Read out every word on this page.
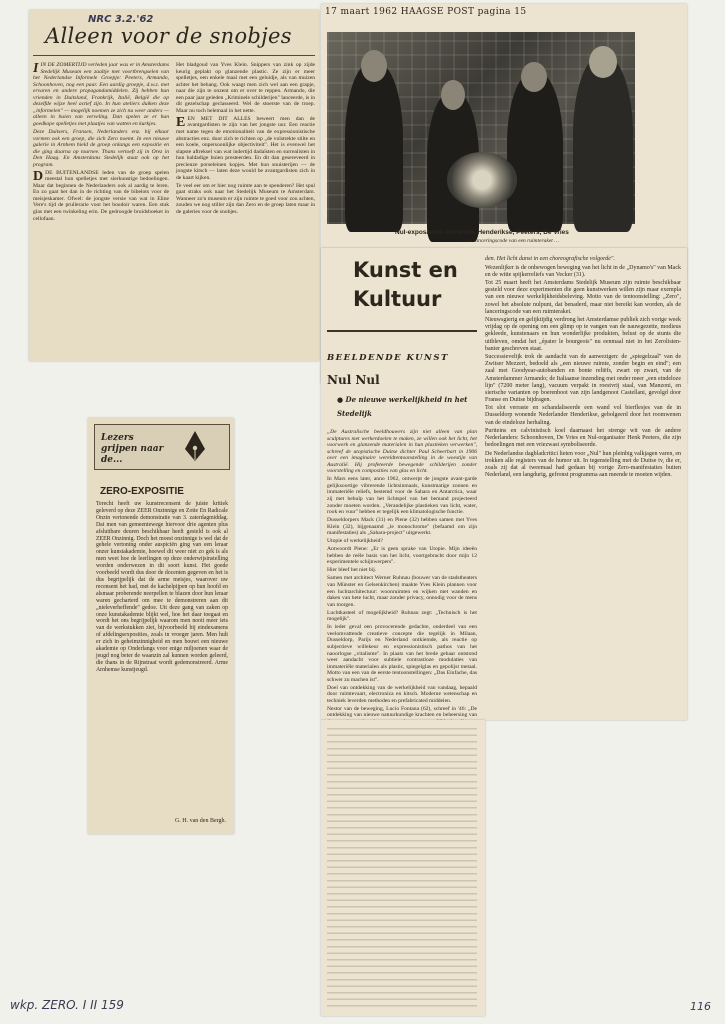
NRC 3.2.'62
Alleen voor de snobjes

IIN DE ZOMERTIJD verleden jaar was er in Amsterdams Stedelijk Museum een zaaltje met voortbrengselen van het Nederlandse Informele Groepje: Peeters, Armando, Schoonhoven, nog een paar. Een aardig groepje, d.w.z. met ervaren en andere propagandamiddelen. Zij hebben hun vrienden in Duitsland, Frankrijk, Italië, België die op dezelfde wijze heel actief zijn. In hun ateliers duiken deze „informelen" — mogelijk noemen ze zich nu weer anders — alleen in buien van verveling. Dan spelen ze er hun goedkope spelletjes met plaatjes van watten en kurkjes.

Deze Duitsers, Fransen, Nederlanders enz. bij elkaar vormen ook een groep, die zich Zero noemt. In een nieuwe galerie in Arnhem hield de groep onlangs een expositie en die ging daarna op tournee. Thans vertoeft zij in Orez in Den Haag. En Amsterdams Stedelijk staat ook op het program.

DDE BUITENLANDSE leden van de groep spelen meestal hun spelletjes met sierkunstige bedoelingen. Maar dat beginnen de Nederlanders ook al aardig te leren. En zo gaat het dan in de richting van de bibelots voor de meisjeskamer. Ofwel: de jongste versie van wat in Eline Vere's tijd de prullerarie voor het boudoir waren. Een stuk glas met een twinkeling erin. De gedroogde bruidsboeket in cellofaan.

Het bladgoud van Yves Klein. Snippers van zink op zijde keurig geplakt op glanzende plastic. Ze zijn er meer spelletjes, een enkele maal met een geluidje, als van muizen achter het behang. Ook waagt men zich wel aan een grapje, naar die zijn te onzent om er over te reppen. Armando, die een paar jaar geleden „Kriminele schilderijen" lanceerde, is in dit gezelschap geclasseerd. Wel de stoerste van de troep. Maar nu toch helemaal in het nette.

EEN MET DIT ALLES beweert men dan de avantgardisten te zijn van het jongste uur. Een reactie met name tegen de emotionaliteit van de expressionistische abstracties enz. door zich te richten op „de volstrekte stilte en een koele, onpersoonlijke objectiviteit". Het is evenwel het slapste aftreksel van wat indertijd dadaïsten en surrealisten in hun baldadige buien presteerden. En dit dan gesereveerd in precieuze porseleinen kopjes. Met hun snuisterijen — de jongste kitsch — laten deze would be avantgardisten zich in de kaart kijken.

Te veel eer om er hier nog ruimte aan te spenderen? Het spul gaat straks ook naar het Stedelijk Museum te Amsterdam. Wanneer zo'n museum er zijn ruimte te goed voor zou achten, zouden we nog stiller zijn dan Zero en de groep laten maar in de galeries voor de snobjes.

17 maart 1962 HAAGSE POST pagina 15
Nul-exposanten Armando, Henderikse, Peeters, De Vries
… de lanceringscode van een ruimteraket …
Kunst en Kultuur
BEELDENDE KUNST
Nul Nul
● De nieuwe werkelijkheid in het Stedelijk

„De Australische beeldhouwers zijn niet alleen van plan sculptures met werkerdoelen te maken, ze willen ook het licht, het voorwerk en glanzende materialen in hun plastieken verwerken", schreef de utopistische Duitse dichter Paul Scheerbart in 1906 over een imaginaire wereldtentoonstelling in de woestijn van Australië. Hij profeteerde bewegende schilderijen zonder voorstelling en composities van glas en licht.

In Mars eens later, anno 1962, ontwerpt de jongste avant-garde gelijksoortige vibrerende lichtsinmaals, kunstmatige zonnen en immateriële reliefs, bestemd voor de Sahara en Antarctica, waar zij met behulp van het lichtspel van het bemand projecteerd zonder moeten worden. „Verandelijke plastieken van licht, water, rook en vuur" hebben er tegelijk een klimatologische functie.

Dusseldorpers Mack (31) en Piene (32) hebben samen met Yves Klein (32), bijgenaamd „le monochrome" (befaamd om zijn manifestaties) als „Sahara-project" uitgewerkt.

Utopie of werkelijkheid?

Antwoordt Piene: „Er is geen sprake van Utopie. Mijn ideeën hebben de reële basis van het licht, voortgebracht door mijn 12 experimentele schijnwerpers".

Hier bleef het niet bij.

Samen met architect Werner Ruhnau (bouwer van de stadstheaters van Münster en Gelsenkirchen) maakte Yves Klein plannen voor een luchtarchitectuur: woonruimten en wijken met wanden en daken van hete lucht, maar zonder privacy, onnodig voor de mens van morgen.

Luchtkasteel of mogelijkheid? Ruhnau zegt: „Technisch is het mogelijk".

In ieder geval een provocerende gedachte, onderdeel van een veelomvattende creatieve concepte die tegelijk in Milaan, Dusseldorp, Parijs en Nederland ontkiemde, als reactie op subjectieve willekeur en expressionistisch pathos van het naoorlogse „vitalisme". In plaats van het brede gebaar ontstond weer aandacht voor subtiele contrastloze modulaties van immateriële materialen als plastic, spiegelglas en gepolijst metaal. Motto van een van de eerste tentoonstellingen: „Das Einfache, das schwer zu machen ist".

Doel van ontdekking van de werkelijkheid van vandaag, bepaald door ruimtevaart, electronica en kitsch. Moderne wetenschap en techniek leverden methoden en prefabricated middelen.

Nestor van de beweging, Lucio Fontana (62), schreef in '46: „De ontdekking van nieuwe natuurkundige krachten en beheersing van

den. Het licht danst in een choreografische volgorde".

Wezenlijker is de onbewogen beweging van het licht in de „Dynamo's" van Mack en de witte spijkerreliefs van Vecker (31).

Tot 25 maart heeft het Amsterdams Stedelijk Museum zijn ruimte beschikbaar gesteld voor deze experimenten die geen kunstwerken willen zijn maar exempla van een nieuwe werkelijkheidsbeleving. Motto van de tentoonstelling: „Zero", zowel het absolute nulpunt, dat benaderd, maar niet bereikt kan worden, als de lanceringscode van een ruimteraket.

Nieuwsgierig en gelijktijdig verdrong het Amsterdamse publiek zich vorige week vrijdag op de opening om een glimp op te vangen van de nauwgezette, modieus gekleede, kunstenaars en hun wonderlijke produkten, belust op de stunts die uitbleven, omdat het „épater le bourgeois" nu eenmaal niet in het Zerolisten-banier geschreven staat.

Successievelijk trok de aandacht van de aanwezigen: de „spiegelzaal" van de Zwitser Mezzert, bedoeld als „een nieuwe ruimte, zonder begin en eind"; een zaal met Goodyear-autobanden en bonte reliëfs, zwart op zwart, van de Amsterdammer Armando; de Italiaanse inzending met onder meer „een eindeloze lijn" (7200 meter lang), vacuum verpakt in roestvrij staal, van Manzoni, en sierische varianten op boerenboot van zijn landgenoot Castellani, gevolgd door Franse en Duitse bijdragen.

Tot slot verraste en schandaliseerde een wand vol bierflesjes van de in Dusseldorp wonende Nederlander Henderikse, gebolgeerd door het roomwenen van de eindeloze herhaling.

Puriteins en calvinistisch koel daarnaast het strenge wit van de andere Nederlanders: Schoonhoven, De Vries en Nul-organisator Henk Peeters, die zijn bedoelingen met een vriezwast symboliseerde.

De Nederlandse dagbladcritici lieten voor „Nul" hun pleinbig valkjagen varen, en trokken alle registers van de humor uit. In tegenstelling met de Duitse tv, die er, zoals zij dat al tweemaal had gedaan bij vorige Zero-manifestaties buiten Nederland, een langdurig, gefronst programma aan meende te moeten wijden.

Lezers grijpen naar de...
ZERO-EXPOSITIE
Terecht heeft uw kunstrecensent de juiste kritiek geleverd op deze ZEER Onzinnige en Zotte En Radicale Onzin vertonende demonstratie van 3. zaterdagmiddag. Dat men van gemeentewege hiervoor drie agenten plus afsluitbare deuren beschikbaar heeft gesteld is ook al ZEER Onzinnig. Doch het moest onzinnige is wel dat de gehele vertoning onder auspiciën ging van een leraar onzer kunstakademie, hoewel dit weer niet zo gek is als men weet hoe de leerlingen op deze onderwijsinstelling worden onderwezen in dit soort kunst. Het goede voorbeeld wordt dus door de docenten gegeven en het is dus begrijpelijk dat de arme meisjes, waarover uw recensent het had, met de kachelpijpen op hun hoofd en alsmaar proberende neerpellen te blazen door hun leraar waren gecharterd om mee te demonstreren aan dit „nieleverheffende" gedoe. Uit deze gang van zaken op onze kunstakademie blijkt wel, hoe het daar toegaat en wordt het ons begrijpelijk waarom men nooit meer iets van de werkstukken ziet, bijvoorbeeld bij eindexamens of afdelingsexposities, zoals in vroeger jaren. Men hult er zich in geheimzinnigheid en men bouwt een nieuwe akademie op Onderlangs voor enige miljoenen waar de jeugd nog beter de waanzin zal kunnen worden geleerd, die thans in de Rijnstraat wordt gedemonstreerd. Arme Arnhemse kunstjeugd.
G. H. van den Bergh.
wkp. ZERO. I II 159	116
